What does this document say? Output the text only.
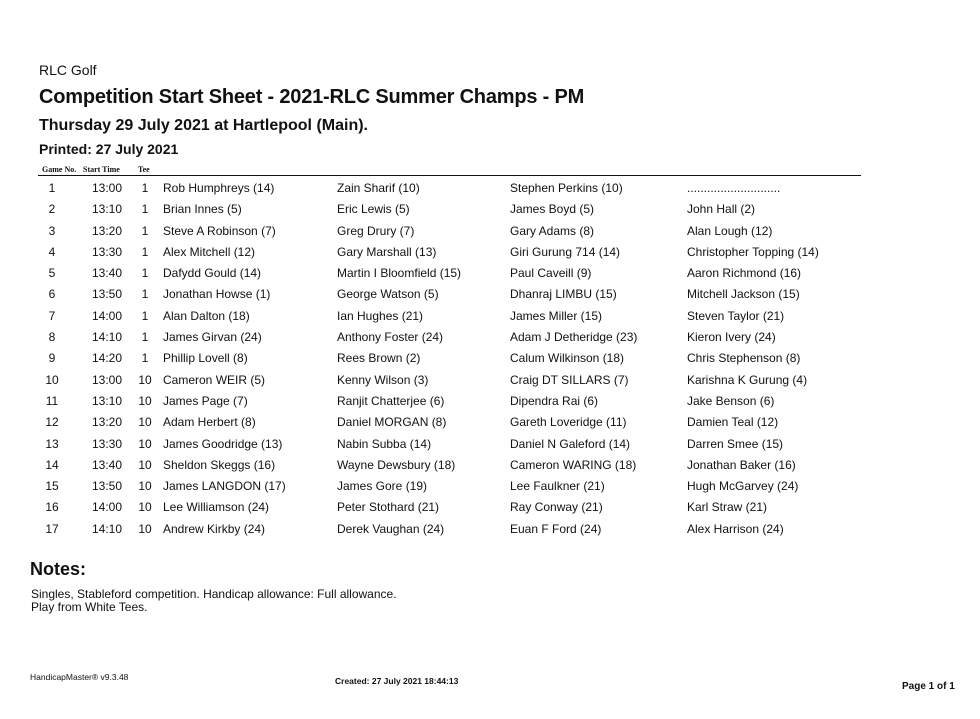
RLC Golf
Competition Start Sheet - 2021-RLC Summer Champs - PM
Thursday 29 July 2021 at Hartlepool (Main).
Printed: 27 July 2021
Game No. Start Time Tee
1	13:00	1	Rob Humphreys (14)	Zain Sharif (10)	Stephen Perkins (10)	............................
2	13:10	1	Brian Innes (5)	Eric Lewis (5)	James Boyd (5)	John Hall (2)
3	13:20	1	Steve A Robinson (7)	Greg Drury (7)	Gary Adams (8)	Alan Lough (12)
4	13:30	1	Alex Mitchell (12)	Gary Marshall (13)	Giri Gurung 714 (14)	Christopher Topping (14)
5	13:40	1	Dafydd Gould (14)	Martin I Bloomfield (15)	Paul Caveill (9)	Aaron Richmond (16)
6	13:50	1	Jonathan Howse (1)	George Watson (5)	Dhanraj LIMBU (15)	Mitchell Jackson (15)
7	14:00	1	Alan Dalton (18)	Ian Hughes (21)	James Miller (15)	Steven Taylor (21)
8	14:10	1	James Girvan (24)	Anthony Foster (24)	Adam J Detheridge (23)	Kieron Ivery (24)
9	14:20	1	Phillip Lovell (8)	Rees Brown (2)	Calum Wilkinson (18)	Chris Stephenson (8)
10	13:00	10 Cameron WEIR (5)	Kenny Wilson (3)	Craig DT SILLARS (7)	Karishna K Gurung (4)
11	13:10	10 James Page (7)	Ranjit Chatterjee (6)	Dipendra Rai (6)	Jake Benson (6)
12	13:20	10 Adam Herbert (8)	Daniel MORGAN (8)	Gareth Loveridge (11)	Damien Teal (12)
13	13:30	10 James Goodridge (13)	Nabin Subba (14)	Daniel N Galeford (14)	Darren Smee (15)
14	13:40	10 Sheldon Skeggs (16)	Wayne Dewsbury (18)	Cameron WARING (18)	Jonathan Baker (16)
15	13:50	10 James LANGDON (17)	James Gore (19)	Lee Faulkner (21)	Hugh McGarvey (24)
16	14:00	10 Lee Williamson (24)	Peter Stothard (21)	Ray Conway (21)	Karl Straw (21)
17	14:10	10 Andrew Kirkby (24)	Derek Vaughan (24)	Euan F Ford (24)	Alex Harrison (24)
Notes:
Singles, Stableford competition. Handicap allowance: Full allowance.
Play from White Tees.
HandicapMaster® v9.3.48	Created: 27 July 2021 18:44:13	Page 1 of 1
